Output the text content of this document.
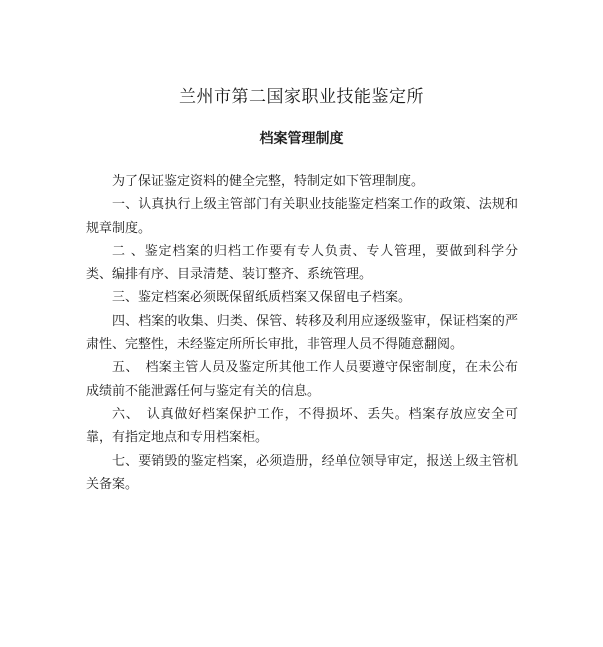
兰州市第二国家职业技能鉴定所
档案管理制度

为了保证鉴定资料的健全完整，特制定如下管理制度。

一、认真执行上级主管部门有关职业技能鉴定档案工作的政策、法规和规章制度。

二 、鉴定档案的归档工作要有专人负责、专人管理，要做到科学分类、编排有序、目录清楚、装订整齐、系统管理。

三、鉴定档案必须既保留纸质档案又保留电子档案。

四、档案的收集、归类、保管、转移及利用应逐级鉴审，保证档案的严肃性、完整性，未经鉴定所所长审批，非管理人员不得随意翻阅。

五、　档案主管人员及鉴定所其他工作人员要遵守保密制度，在未公布成绩前不能泄露任何与鉴定有关的信息。

六、　认真做好档案保护工作，不得损坏、丢失。档案存放应安全可靠，有指定地点和专用档案柜。

七、要销毁的鉴定档案，必须造册，经单位领导审定，报送上级主管机关备案。
